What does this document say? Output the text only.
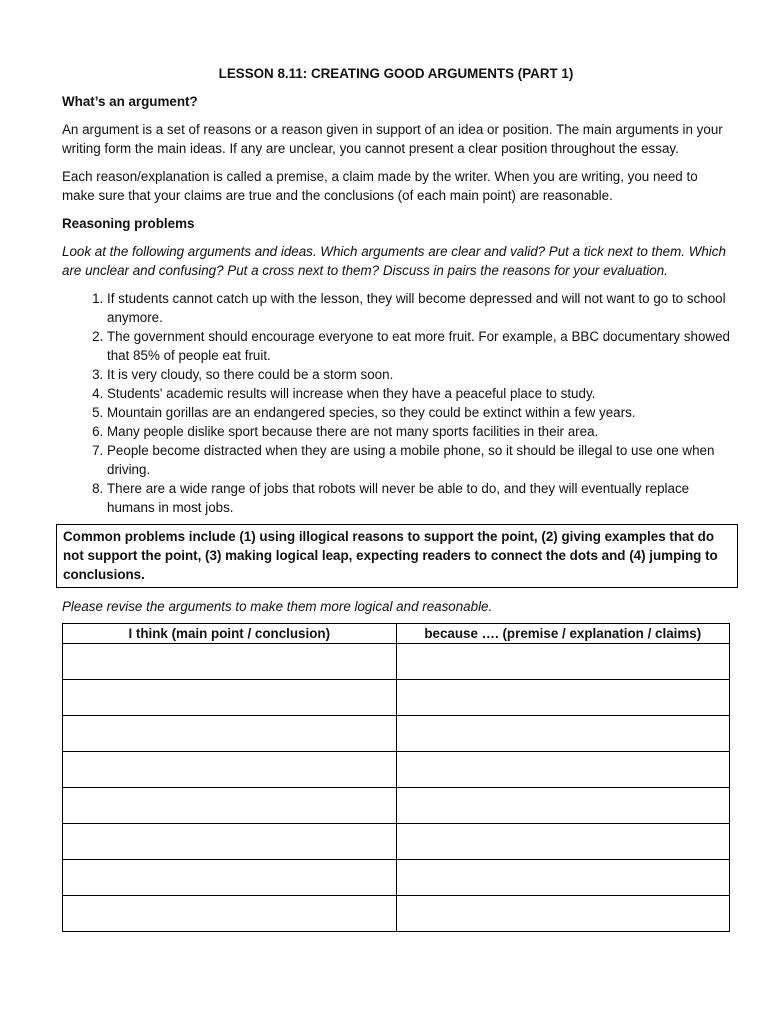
LESSON 8.11: CREATING GOOD ARGUMENTS (PART 1)
What’s an argument?

An argument is a set of reasons or a reason given in support of an idea or position. The main arguments in your writing form the main ideas. If any are unclear, you cannot present a clear position throughout the essay.

Each reason/explanation is called a premise, a claim made by the writer. When you are writing, you need to make sure that your claims are true and the conclusions (of each main point) are reasonable.

Reasoning problems

Look at the following arguments and ideas. Which arguments are clear and valid? Put a tick next to them. Which are unclear and confusing? Put a cross next to them? Discuss in pairs the reasons for your evaluation.

1. If students cannot catch up with the lesson, they will become depressed and will not want to go to school anymore.
2. The government should encourage everyone to eat more fruit. For example, a BBC documentary showed that 85% of people eat fruit.
3. It is very cloudy, so there could be a storm soon.
4. Students' academic results will increase when they have a peaceful place to study.
5. Mountain gorillas are an endangered species, so they could be extinct within a few years.
6. Many people dislike sport because there are not many sports facilities in their area.
7. People become distracted when they are using a mobile phone, so it should be illegal to use one when driving.
8. There are a wide range of jobs that robots will never be able to do, and they will eventually replace humans in most jobs.
Common problems include (1) using illogical reasons to support the point, (2) giving examples that do not support the point, (3) making logical leap, expecting readers to connect the dots and (4) jumping to conclusions.

Please revise the arguments to make them more logical and reasonable.

I think (main point / conclusion)	because …. (premise / explanation / claims)
